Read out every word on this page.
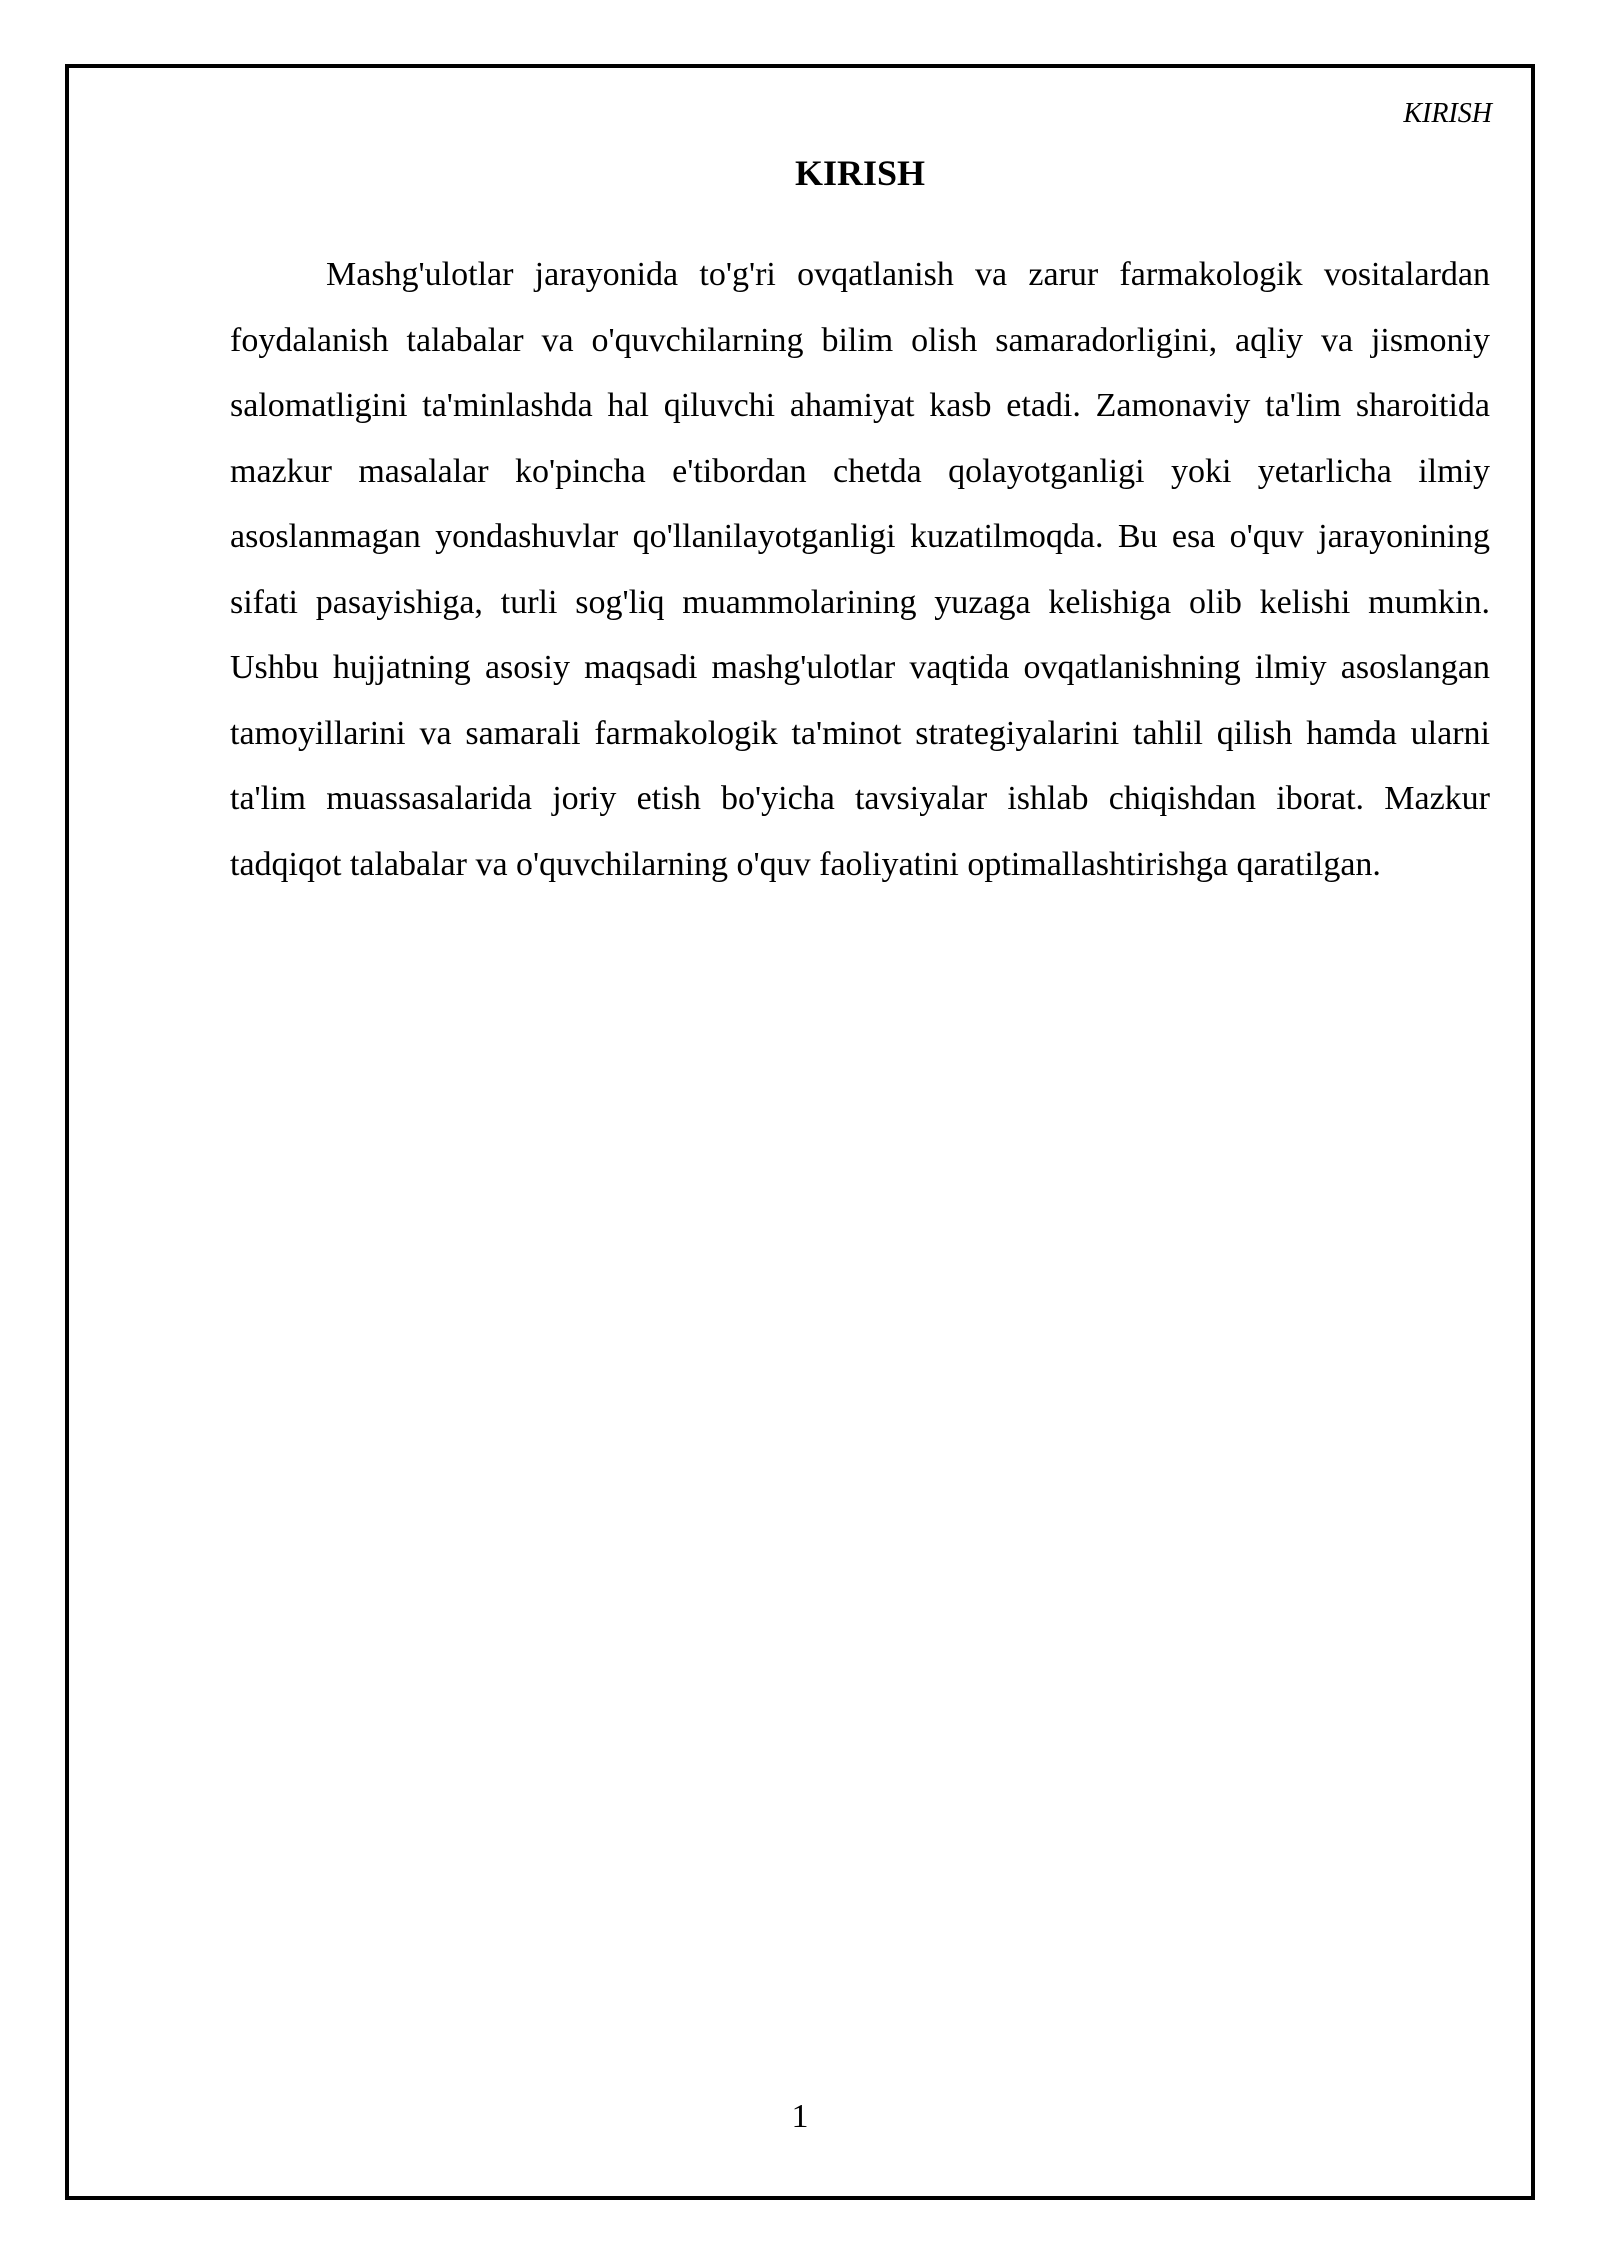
KIRISH
KIRISH

Mashg'ulotlar jarayonida to'g'ri ovqatlanish va zarur farmakologik vositalardan foydalanish talabalar va o'quvchilarning bilim olish samaradorligini, aqliy va jismoniy salomatligini ta'minlashda hal qiluvchi ahamiyat kasb etadi. Zamonaviy ta'lim sharoitida mazkur masalalar ko'pincha e'tibordan chetda qolayotganligi yoki yetarlicha ilmiy asoslanmagan yondashuvlar qo'llanilayotganligi kuzatilmoqda. Bu esa o'quv jarayonining sifati pasayishiga, turli sog'liq muammolarining yuzaga kelishiga olib kelishi mumkin. Ushbu hujjatning asosiy maqsadi mashg'ulotlar vaqtida ovqatlanishning ilmiy asoslangan tamoyillarini va samarali farmakologik ta'minot strategiyalarini tahlil qilish hamda ularni ta'lim muassasalarida joriy etish bo'yicha tavsiyalar ishlab chiqishdan iborat. Mazkur tadqiqot talabalar va o'quvchilarning o'quv faoliyatini optimallashtirishga qaratilgan.

1
